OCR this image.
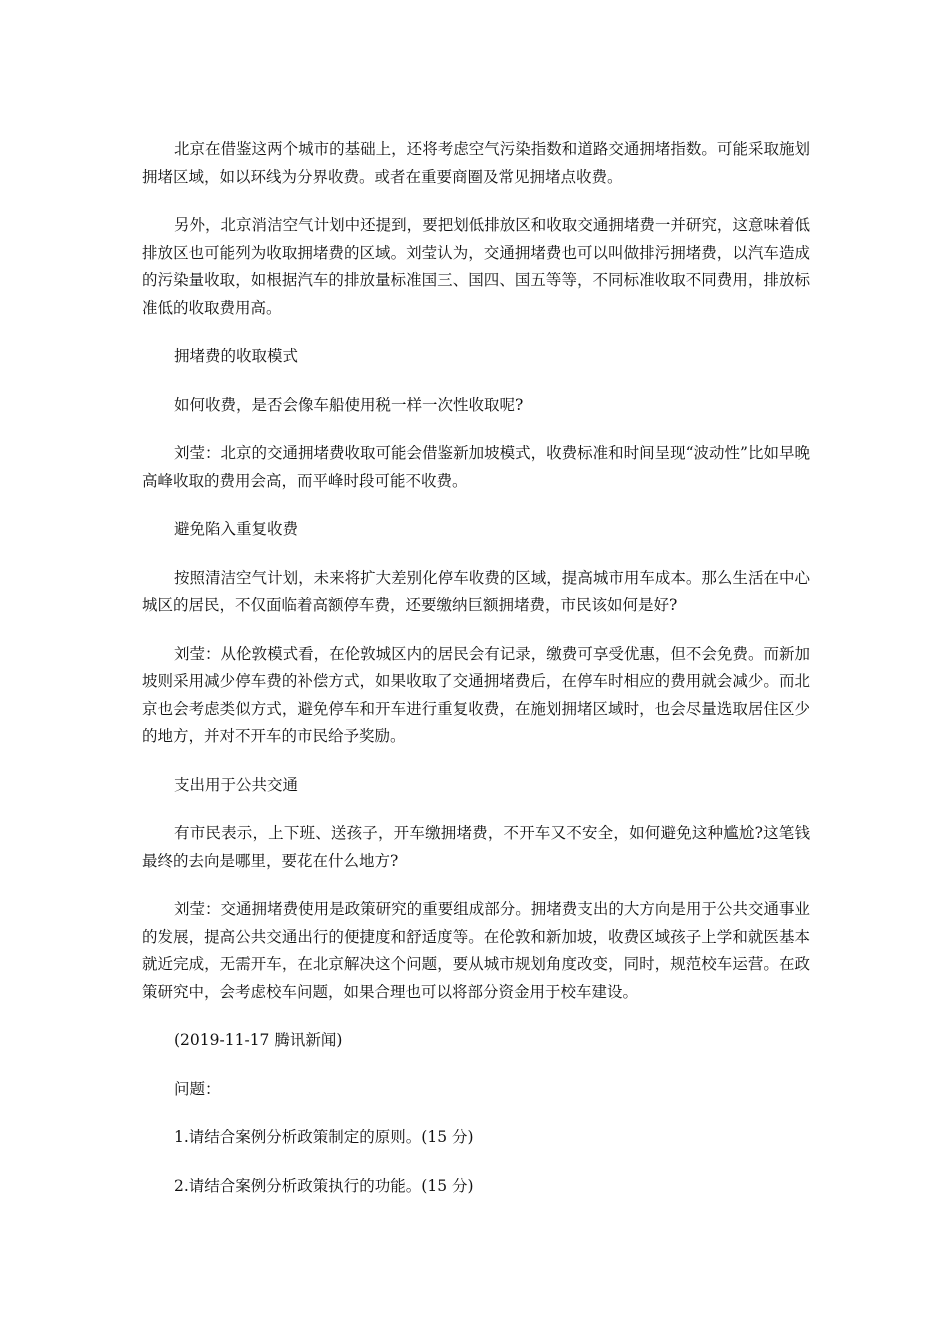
北京在借鉴这两个城市的基础上，还将考虑空气污染指数和道路交通拥堵指数。可能采取施划拥堵区域，如以环线为分界收费。或者在重要商圈及常见拥堵点收费。

另外，北京消洁空气计划中还提到，要把划低排放区和收取交通拥堵费一并研究，这意味着低排放区也可能列为收取拥堵费的区域。刘莹认为，交通拥堵费也可以叫做排污拥堵费，以汽车造成的污染量收取，如根据汽车的排放量标准国三、国四、国五等等，不同标准收取不同费用，排放标准低的收取费用高。

拥堵费的收取模式

如何收费，是否会像车船使用税一样一次性收取呢?

刘莹：北京的交通拥堵费收取可能会借鉴新加坡模式，收费标准和时间呈现“波动性”比如早晚高峰收取的费用会高，而平峰时段可能不收费。

避免陷入重复收费

按照清洁空气计划，未来将扩大差别化停车收费的区域，提高城市用车成本。那么生活在中心城区的居民，不仅面临着高额停车费，还要缴纳巨额拥堵费，市民该如何是好?

刘莹：从伦敦模式看，在伦敦城区内的居民会有记录，缴费可享受优惠，但不会免费。而新加坡则采用减少停车费的补偿方式，如果收取了交通拥堵费后，在停车时相应的费用就会减少。而北京也会考虑类似方式，避免停车和开车进行重复收费，在施划拥堵区域时，也会尽量选取居住区少的地方，并对不开车的市民给予奖励。

支出用于公共交通

有市民表示，上下班、送孩子，开车缴拥堵费，不开车又不安全，如何避免这种尴尬?这笔钱最终的去向是哪里，要花在什么地方?

刘莹：交通拥堵费使用是政策研究的重要组成部分。拥堵费支出的大方向是用于公共交通事业的发展，提高公共交通出行的便捷度和舒适度等。在伦敦和新加坡，收费区域孩子上学和就医基本就近完成，无需开车，在北京解决这个问题，要从城市规划角度改变，同时，规范校车运营。在政策研究中，会考虑校车问题，如果合理也可以将部分资金用于校车建设。

(2019-11-17 腾讯新闻)

问题：

1.请结合案例分析政策制定的原则。(15 分)

2.请结合案例分析政策执行的功能。(15 分)
